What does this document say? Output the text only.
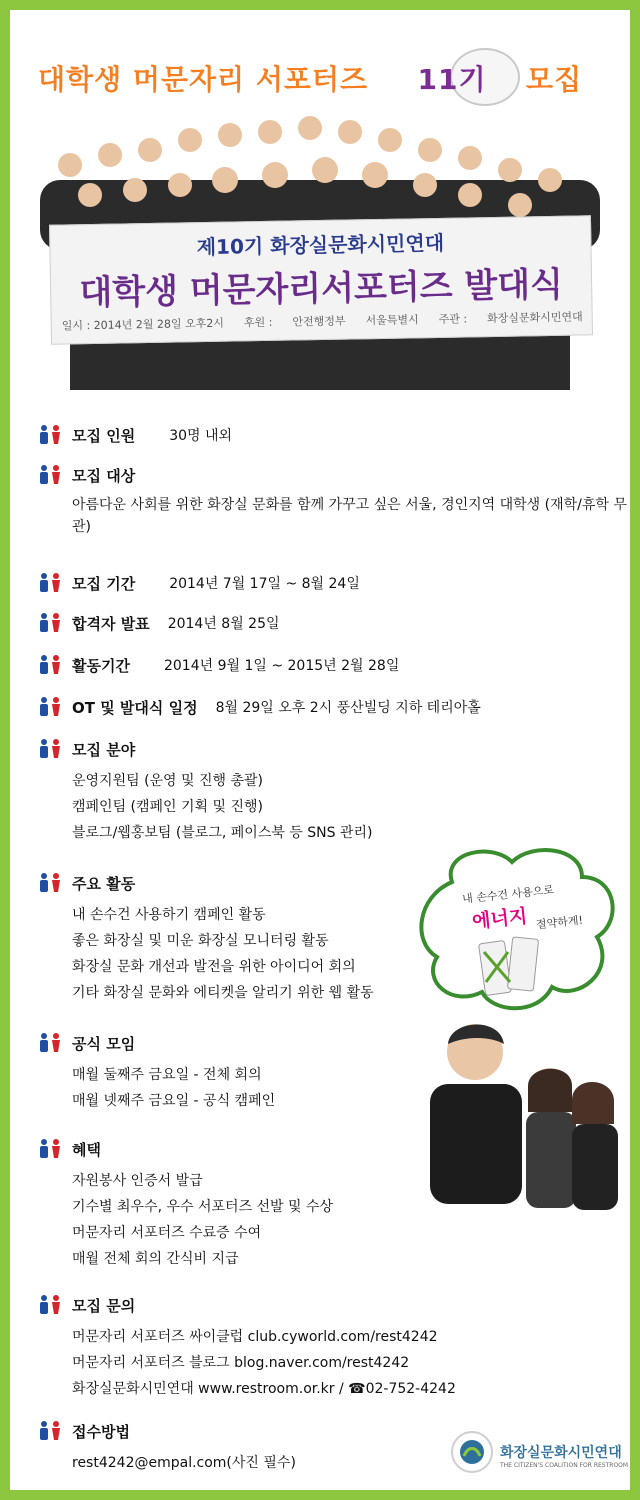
대학생 머문자리 서포터즈 11기 모집
제10기 화장실문화시민연대
대학생 머문자리서포터즈 발대식
일시 : 2014년 2월 28일 오후2시 후원 : 안전행정부 서울특별시 주관 : 화장실문화시민연대
모집 인원 30명 내외
모집 대상
아름다운 사회를 위한 화장실 문화를 함께 가꾸고 싶은 서울, 경인지역 대학생 (재학/휴학 무관)
모집 기간 2014년 7월 17일 ~ 8월 24일
합격자 발표 2014년 8월 25일
활동기간 2014년 9월 1일 ~ 2015년 2월 28일
OT 및 발대식 일정 8월 29일 오후 2시 풍산빌딩 지하 테리아홀
모집 분야
운영지원팀 (운영 및 진행 총괄)
캠페인팀 (캠페인 기획 및 진행)
블로그/웹홍보팀 (블로그, 페이스북 등 SNS 관리)
주요 활동
내 손수건 사용하기 캠페인 활동
좋은 화장실 및 미운 화장실 모니터링 활동
화장실 문화 개선과 발전을 위한 아이디어 회의
기타 화장실 문화와 에티켓을 알리기 위한 웹 활동
공식 모임
매월 둘째주 금요일 - 전체 회의
매월 넷째주 금요일 - 공식 캠페인
혜택
자원봉사 인증서 발급
기수별 최우수, 우수 서포터즈 선발 및 수상
머문자리 서포터즈 수료증 수여
매월 전체 회의 간식비 지급
모집 문의
머문자리 서포터즈 싸이클럽 club.cyworld.com/rest4242
머문자리 서포터즈 블로그 blog.naver.com/rest4242
화장실문화시민연대 www.restroom.or.kr / ☎02-752-4242
접수방법
rest4242@empal.com(사진 필수)
내 손수건 사용으로
에너지 절약하게!
화장실문화시민연대
THE CITIZEN'S COALITION FOR RESTROOM
